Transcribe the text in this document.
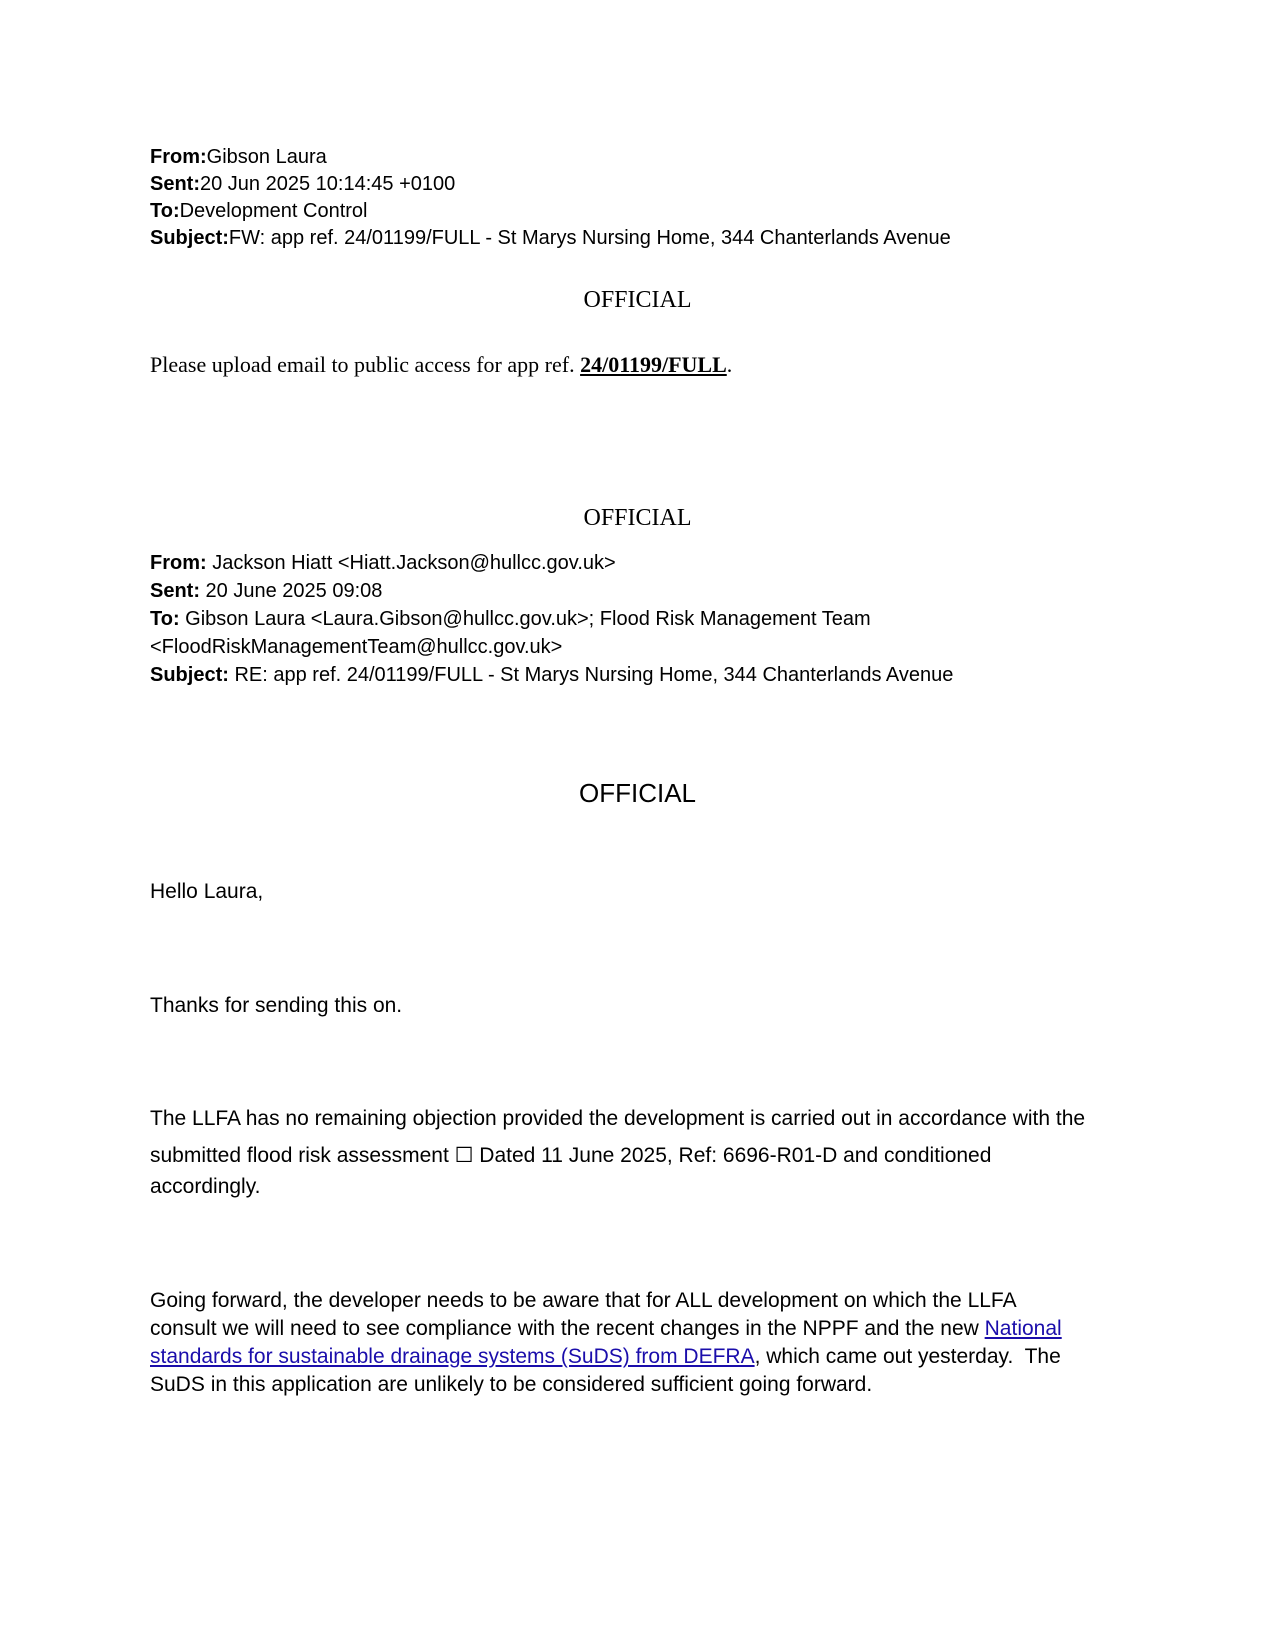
From:Gibson Laura
Sent:20 Jun 2025 10:14:45 +0100
To:Development Control
Subject:FW: app ref. 24/01199/FULL - St Marys Nursing Home, 344 Chanterlands Avenue
OFFICIAL
Please upload email to public access for app ref. 24/01199/FULL.
OFFICIAL
From: Jackson Hiatt <Hiatt.Jackson@hullcc.gov.uk>
Sent: 20 June 2025 09:08
To: Gibson Laura <Laura.Gibson@hullcc.gov.uk>; Flood Risk Management Team
<FloodRiskManagementTeam@hullcc.gov.uk>
Subject: RE: app ref. 24/01199/FULL - St Marys Nursing Home, 344 Chanterlands Avenue
OFFICIAL
Hello Laura,
Thanks for sending this on.
The LLFA has no remaining objection provided the development is carried out in accordance with the
submitted flood risk assessment ☐ Dated 11 June 2025, Ref: 6696-R01-D and conditioned
accordingly.
Going forward, the developer needs to be aware that for ALL development on which the LLFA
consult we will need to see compliance with the recent changes in the NPPF and the new National
standards for sustainable drainage systems (SuDS) from DEFRA, which came out yesterday.  The
SuDS in this application are unlikely to be considered sufficient going forward.
